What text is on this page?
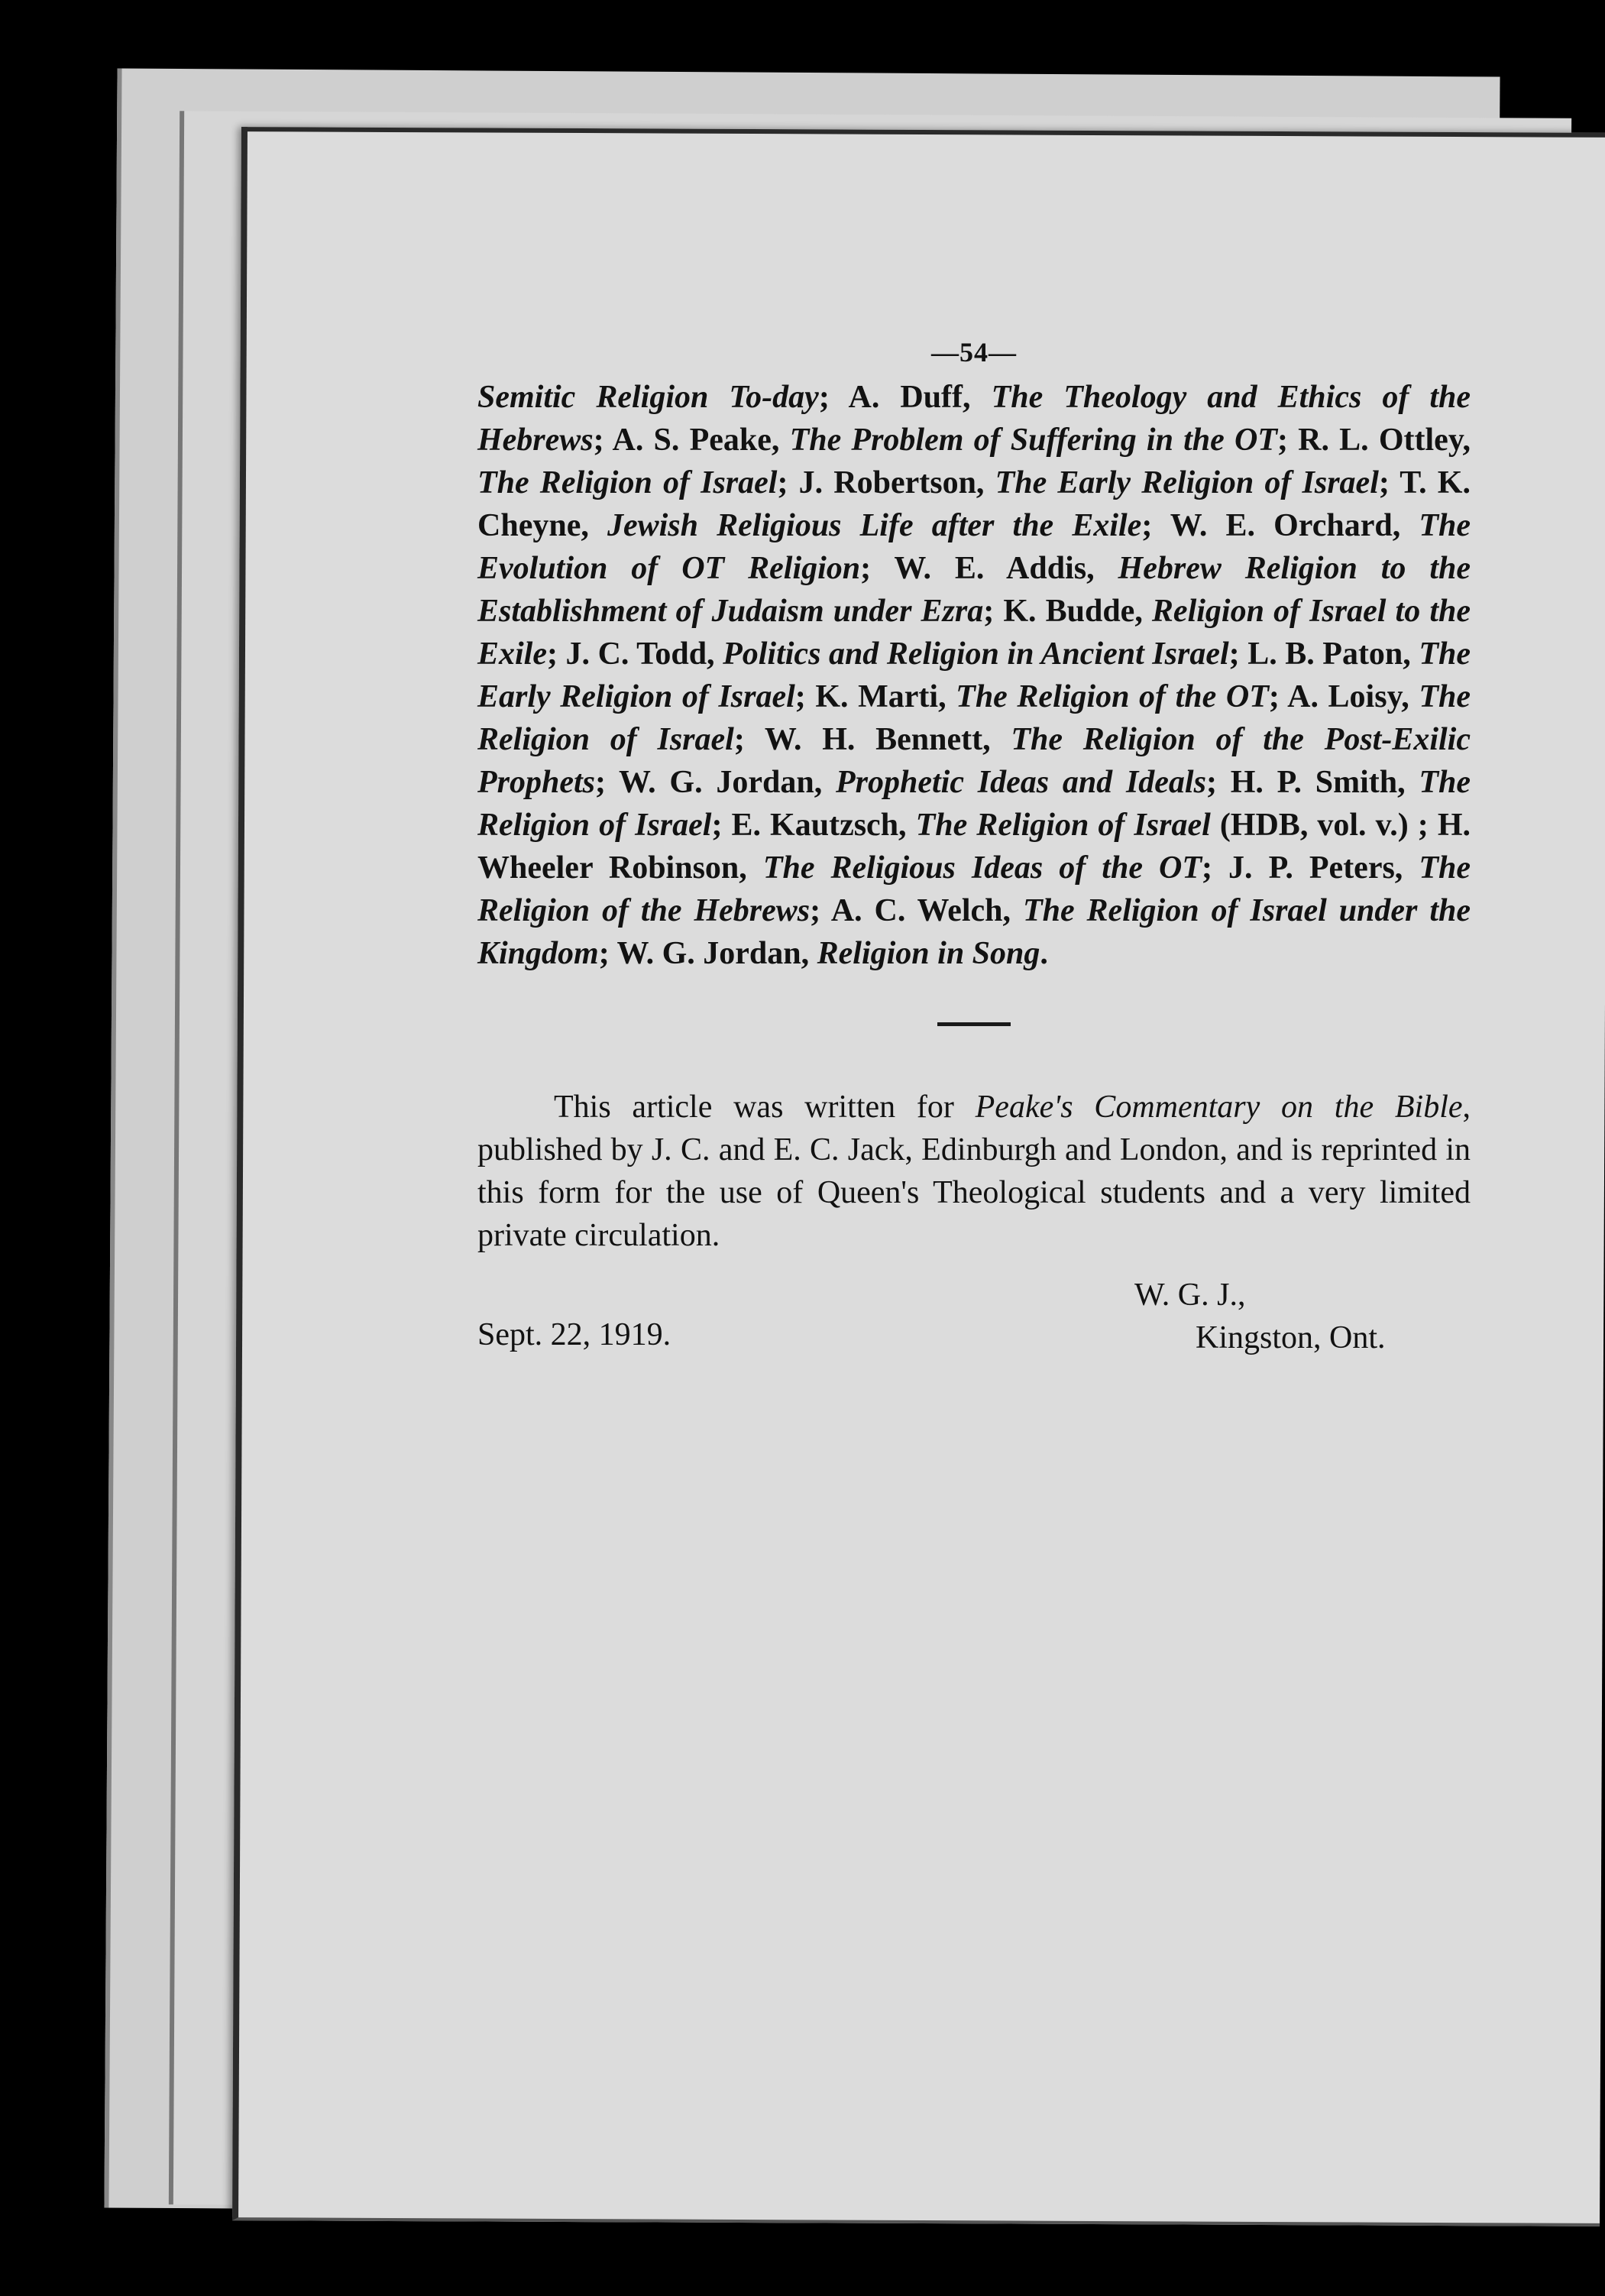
—54—

Semitic Religion To-day; A. Duff, The Theology and Ethics of the Hebrews; A. S. Peake, The Problem of Suffering in the OT; R. L. Ottley, The Religion of Israel; J. Robertson, The Early Religion of Israel; T. K. Cheyne, Jewish Religious Life after the Exile; W. E. Orchard, The Evolution of OT Religion; W. E. Addis, Hebrew Religion to the Establishment of Judaism under Ezra; K. Budde, Religion of Israel to the Exile; J. C. Todd, Politics and Religion in Ancient Israel; L. B. Paton, The Early Religion of Israel; K. Marti, The Religion of the OT; A. Loisy, The Religion of Israel; W. H. Bennett, The Religion of the Post-Exilic Prophets; W. G. Jordan, Prophetic Ideas and Ideals; H. P. Smith, The Religion of Israel; E. Kautzsch, The Religion of Israel (HDB, vol. v.) ; H. Wheeler Robinson, The Religious Ideas of the OT; J. P. Peters, The Religion of the Hebrews; A. C. Welch, The Religion of Israel under the Kingdom; W. G. Jordan, Religion in Song.

This article was written for Peake's Commentary on the Bible, published by J. C. and E. C. Jack, Edinburgh and London, and is reprinted in this form for the use of Queen's Theological students and a very limited private circulation.

W. G. J.,
Kingston, Ont.
Sept. 22, 1919.
